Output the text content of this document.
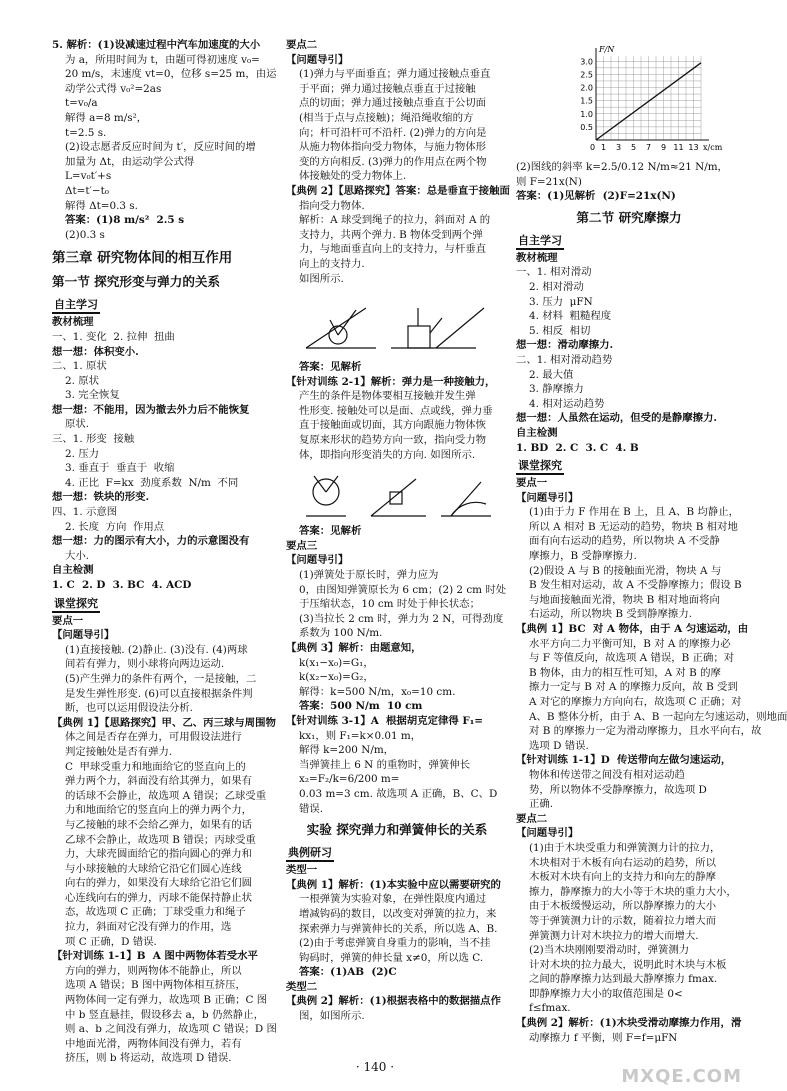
5. 解析：(1)设减速过程中汽车加速度的大小
为 a，所用时间为 t，由题可得初速度 v₀=
20 m/s，末速度 vt=0，位移 s=25 m，由运
动学公式得 v₀²=2as
t=v₀/a
解得 a=8 m/s²，
t=2.5 s.
(2)设志愿者反应时间为 t′，反应时间的增
加量为 Δt，由运动学公式得
L=v₀t′+s
Δt=t′−t₀
解得 Δt=0.3 s.
答案：(1)8 m/s²  2.5 s
(2)0.3 s
第三章 研究物体间的相互作用
第一节 探究形变与弹力的关系
自主学习
教材梳理
一、1. 变化  2. 拉伸  扭曲
想一想：体积变小.
二、1. 原状
2. 原状
3. 完全恢复
想一想：不能用，因为撤去外力后不能恢复
原状.
三、1. 形变  接触
2. 压力
3. 垂直于  垂直于  收缩
4. 正比  F=kx  劲度系数  N/m  不同
想一想：铁块的形变.
四、1. 示意图
2. 长度  方向  作用点
想一想：力的图示有大小，力的示意图没有
大小.
自主检测
1. C  2. D  3. BC  4. ACD
课堂探究
要点一
【问题导引】
(1)直接接触. (2)静止. (3)没有. (4)两球
间若有弹力，则小球将向两边运动.
(5)产生弹力的条件有两个，一是接触，二
是发生弹性形变. (6)可以直接根据条件判
断，也可以运用假设法分析.
【典例 1】【思路探究】甲、乙、丙三球与周围物
体之间是否存在弹力，可用假设法进行
判定接触处是否有弹力.
C  甲球受重力和地面给它的竖直向上的
弹力两个力，斜面没有给其弹力，如果有
的话球不会静止，故选项 A 错误；乙球受重
力和地面给它的竖直向上的弹力两个力，
与乙接触的球不会给乙弹力，如果有的话
乙球不会静止，故选项 B 错误；丙球受重
力，大球壳圆面给它的指向圆心的弹力和
与小球接触的大球给它沿它们圆心连线
向右的弹力，如果没有大球给它沿它们圆
心连线向右的弹力，丙球不能保持静止状
态，故选项 C 正确；丁球受重力和绳子
拉力，斜面对它没有弹力的作用，选
项 C 正确，D 错误.
【针对训练 1-1】B  A 图中两物体若受水平
方向的弹力，则两物体不能静止，所以
选项 A 错误；B 图中两物体相互挤压，
两物体间一定有弹力，故选项 B 正确；C 图
中 b 竖直悬挂，假设移去 a，b 仍然静止，
则 a、b 之间没有弹力，故选项 C 错误；D 图
中地面光滑，两物体间没有弹力，若有
挤压，则 b 将运动，故选项 D 错误.
要点二
【问题导引】
(1)弹力与平面垂直；弹力通过接触点垂直
于平面；弹力通过接触点垂直于过接触
点的切面；弹力通过接触点垂直于公切面
(相当于点与点接触)；绳沿绳收缩的方
向；杆可沿杆可不沿杆. (2)弹力的方向是
从施力物体指向受力物体，与施力物体形
变的方向相反. (3)弹力的作用点在两个物
体接触处的受力物体上.
【典例 2】【思路探究】答案：总是垂直于接触面
指向受力物体.
解析：A 球受到绳子的拉力，斜面对 A 的
支持力，共两个弹力. B 物体受到两个弹
力，与地面垂直向上的支持力，与杆垂直
向上的支持力.
如图所示.
答案：见解析
【针对训练 2-1】解析：弹力是一种接触力，
产生的条件是物体要相互接触并发生弹
性形变. 接触处可以是面、点或线，弹力垂
直于接触面或切面，其方向跟施力物体恢
复原来形状的趋势方向一致，指向受力物
体，即指向形变消失的方向. 如图所示.
答案：见解析
要点三
【问题导引】
(1)弹簧处于原长时，弹力应为
0，由图知弹簧原长为 6 cm；(2) 2 cm 时处
于压缩状态，10 cm 时处于伸长状态；
(3)当拉长 2 cm 时，弹力为 2 N，可得劲度
系数为 100 N/m.
【典例 3】解析：由题意知，
k(x₁−x₀)=G₁，
k(x₂−x₀)=G₂，
解得：k=500 N/m，x₀=10 cm.
答案：500 N/m  10 cm
【针对训练 3-1】A  根据胡克定律得 F₁=
kx₁，则 F₁=k×0.01 m，
解得 k=200 N/m，
当弹簧挂上 6 N 的重物时，弹簧伸长
x₂=F₂/k=6/200 m=
0.03 m=3 cm. 故选项 A 正确，B、C、D
错误.
实验 探究弹力和弹簧伸长的关系
典例研习
类型一
【典例 1】解析：(1)本实验中应以需要研究的
一根弹簧为实验对象，在弹性限度内通过
增减钩码的数目，以改变对弹簧的拉力，来
探索弹力与弹簧伸长的关系，所以选 A、B.
(2)由于考虑弹簧自身重力的影响，当不挂
钩码时，弹簧的伸长量 x≠0，所以选 C.
答案：(1)AB  (2)C
类型二
【典例 2】解析：(1)根据表格中的数据描点作
图，如图所示.
1 3 5 7 9 11 13
0.5
1.0
1.5
2.0
2.5
3.0
0
F/N
x/cm
(2)图线的斜率 k=2.5/0.12 N/m≈21 N/m，
则 F=21x(N)
答案：(1)见解析  (2)F=21x(N)
第二节 研究摩擦力
自主学习
教材梳理
一、1. 相对滑动
2. 相对滑动
3. 压力  μFN
4. 材料  粗糙程度
5. 相反  相切
想一想：滑动摩擦力.
二、1. 相对滑动趋势
2. 最大值
3. 静摩擦力
4. 相对运动趋势
想一想：人虽然在运动，但受的是静摩擦力.
自主检测
1. BD  2. C  3. C  4. B
课堂探究
要点一
【问题导引】
(1)由于力 F 作用在 B 上，且 A、B 均静止，
所以 A 相对 B 无运动的趋势，物块 B 相对地
面有向右运动的趋势，所以物块 A 不受静
摩擦力，B 受静摩擦力.
(2)假设 A 与 B 的接触面光滑，物块 A 与
B 发生相对运动，故 A 不受静摩擦力；假设 B
与地面接触面光滑，物块 B 相对地面将向
右运动，所以物块 B 受到静摩擦力.
【典例 1】BC  对 A 物体，由于 A 匀速运动，由
水平方向二力平衡可知，B 对 A 的摩擦力必
与 F 等值反向，故选项 A 错误，B 正确；对
B 物体，由力的相互性可知，A 对 B 的摩
擦力一定与 B 对 A 的摩擦力反向，故 B 受到
A 对它的摩擦力方向向右，故选项 C 正确；对
A、B 整体分析，由于 A、B 一起向左匀速运动，则地面
对 B 的摩擦力一定为滑动摩擦力，且水平向右，故
选项 D 错误.
【针对训练 1-1】D  传送带向左做匀速运动，
物体和传送带之间没有相对运动趋
势，所以物体不受静摩擦力，故选项 D
正确.
要点二
【问题导引】
(1)由于木块受重力和弹簧测力计的拉力，
木块相对于木板有向右运动的趋势，所以
木板对木块有向上的支持力和向左的静摩
擦力，静摩擦力的大小等于木块的重力大小，
由于木板缓慢运动，所以静摩擦力的大小
等于弹簧测力计的示数，随着拉力增大而
弹簧测力计对木块拉力的增大而增大.
(2)当木块刚刚要滑动时，弹簧测力
计对木块的拉力最大，说明此时木块与木板
之间的静摩擦力达到最大静摩擦力 fmax.
即静摩擦力大小的取值范围是 0<
f≤fmax.
【典例 2】解析：(1)木块受滑动摩擦力作用，滑
动摩擦力 f 平衡，则 F=f=μFN
· 140 ·	MXQE.COM
